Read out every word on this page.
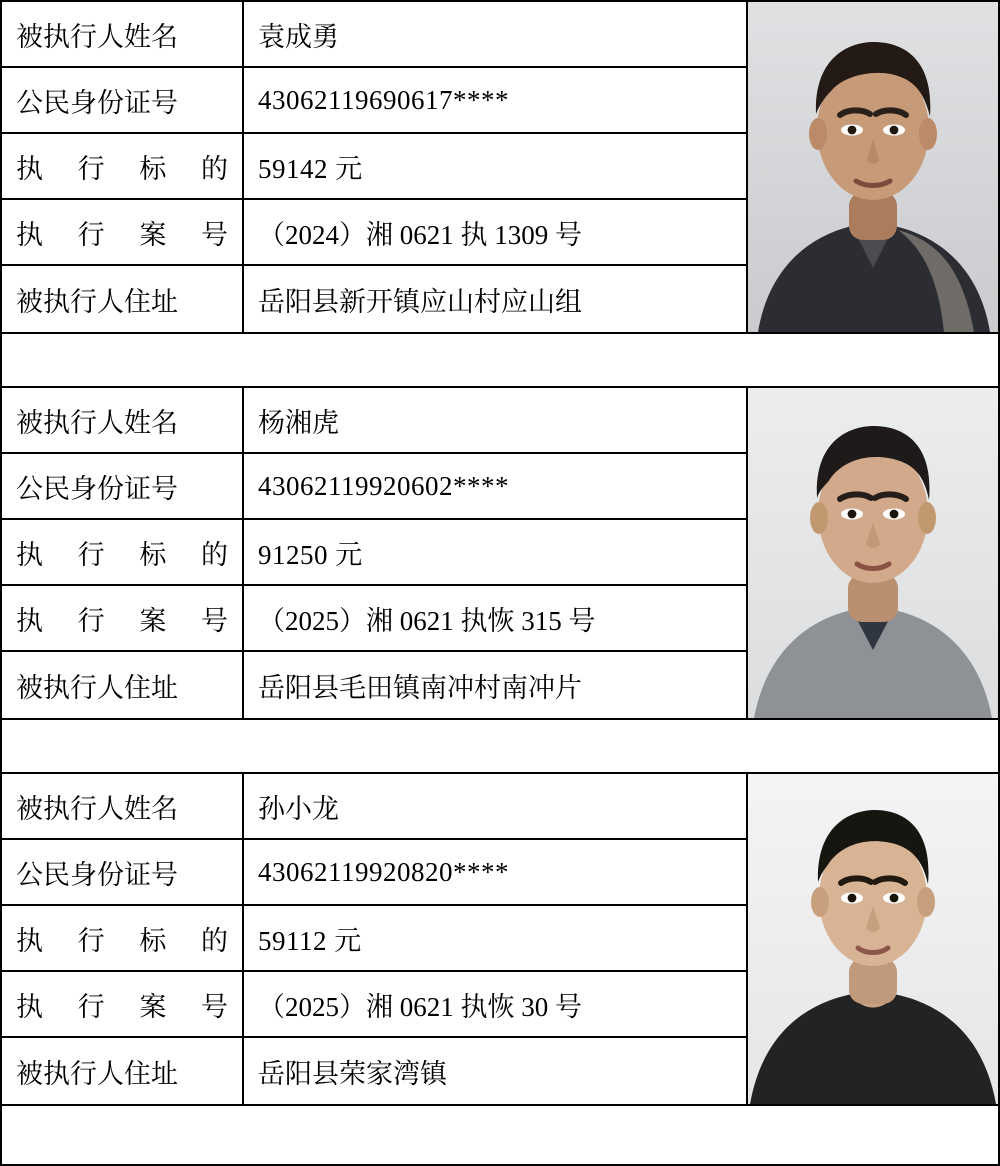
被执行人姓名	袁成勇
公民身份证号	43062119690617****
执 行 标 的	59142 元
执 行 案 号	（2024）湘 0621 执 1309 号
被执行人住址	岳阳县新开镇应山村应山组
被执行人姓名	杨湘虎
公民身份证号	43062119920602****
执 行 标 的	91250 元
执 行 案 号	（2025）湘 0621 执恢 315 号
被执行人住址	岳阳县毛田镇南冲村南冲片
被执行人姓名	孙小龙
公民身份证号	43062119920820****
执 行 标 的	59112 元
执 行 案 号	（2025）湘 0621 执恢 30 号
被执行人住址	岳阳县荣家湾镇
